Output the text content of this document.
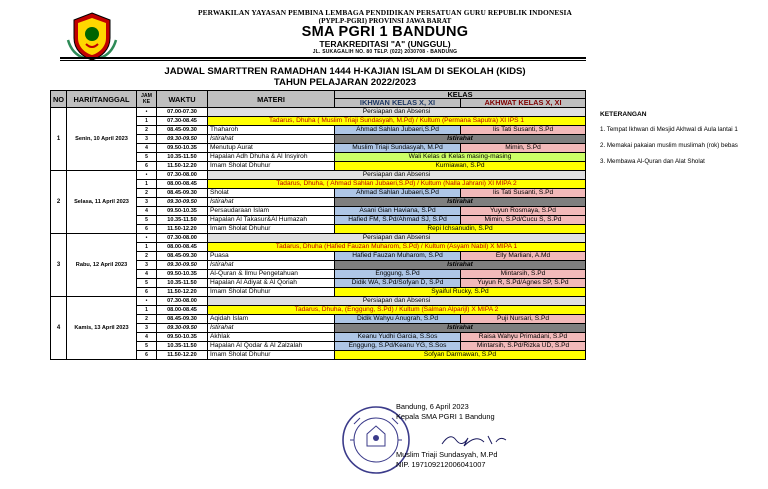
PERWAKILAN YAYASAN PEMBINA LEMBAGA PENDIDIKAN PERSATUAN GURU REPUBLIK INDONESIA
(PYPLP-PGRI) PROVINSI JAWA BARAT
SMA PGRI 1 BANDUNG
TERAKREDITASI "A" (UNGGUL)
JL. SUKAGALIH NO. 80 TELP. (022) 2030708 - BANDUNG
JADWAL SMARTTREN RAMADHAN 1444 H-KAJIAN ISLAM DI SEKOLAH (KIDS)
TAHUN PELAJARAN 2022/2023
NO	HARI/TANGGAL	JAM KE	WAKTU	MATERI	KELAS	
					IKHWAN KELAS X, XI	AKHWAT KELAS X, XI
1	Senin, 10 April 2023	•	07.00-07.30	Persiapan dan Absensi		
		1	07.30-08.45	Tadarus, Dhuha ( Muslim Triaji Sundasyah, M.Pd) / Kultum (Permana Saputra) XI IPS 1		
		2	08.45-09.30	Thaharoh	Ahmad Sahlan Jubaeri,S.Pd	Iis Tati Susanti, S.Pd
		3	09.30-09.50	Istirahat	Istirahat	
		4	09.50-10.35	Menutup Aurat	Muslim Triaji Sundasyah, M.Pd	Mimin, S.Pd
		5	10.35-11.50	Hapalan Adh Dhuha & Al Insyiroh	Wali Kelas di Kelas masing-masing	
		6	11.50-12.20	Imam Sholat Dhuhur	Kurniawan, S.Pd	
2	Selasa, 11 April 2023	•	07.30-08.00	Persiapan dan Absensi		
		1	08.00-08.45	Tadarus, Dhuha, ( Ahmad Sahlan Jubaeri,S.Pd) / Kultum (Nalla Jahrani) XI MIPA 2		
		2	08.45-09.30	Sholat	Ahmad Sahlan Jubaeri,S.Pd	Iis Tati Susanti, S.Pd
		3	09.30-09.50	Istirahat	Istirahat	
		4	09.50-10.35	Persaudaraan Islam	Asani Gian Haviana, S.Pd	Yuyun Rosmaya, S.Pd
		5	10.35-11.50	Hapalan Al Takasur&Al Humazah	Hafied FM, S.Pd/Ahmad SJ, S.Pd	Mimin, S.Pd/Cucu S, S.Pd
		6	11.50-12.20	Imam Sholat Dhuhur	Repi Ichsanudin, S.Pd	
3	Rabu, 12 April 2023	•	07.30-08.00	Persiapan dan Absensi		
		1	08.00-08.45	Tadarus, Dhuha (Hafied Fauzan Muharom, S.Pd) / Kultum (Asyam Nabil) X MIPA 1		
		2	08.45-09.30	Puasa	Hafied Fauzan Muharom, S.Pd	Elly Marliani, A.Md
		3	09.30-09.50	Istirahat	Istirahat	
		4	09.50-10.35	Al-Quran & Ilmu Pengetahuan	Enggung, S.Pd	Mintarsih, S.Pd
		5	10.35-11.50	Hapalan Al Adiyat & Al Qoriah	Didik WA, S.Pd/Sofyan D, S.Pd	Yuyun R, S.Pd/Agnes SP, S.Pd
		6	11.50-12.20	Imam Sholat Dhuhur	Syaiful Rucky, S.Pd	
4	Kamis, 13 April 2023	•	07.30-08.00	Persiapan dan Absensi		
		1	08.00-08.45	Tadarus, Dhuha, (Enggung, S.Pd) / Kultum (Salman Alparijl) X MIPA 2		
		2	08.45-09.30	Aqidah Islam	Didik Wahyu Anugrah, S.Pd	Puji Nursari, S.Pd
		3	09.30-09.50	Istirahat	Istirahat	
		4	09.50-10.35	Akhlak	Keanu Yudhi Garcia, S.Sos	Raisa Wahyu Primadani, S.Pd
		5	10.35-11.50	Hapalan Al Qodar & Al Zalzalah	Enggung, S.Pd/Keanu YG, S.Sos	Mintarsih, S.Pd/Rizka UD, S.Pd
		6	11.50-12.20	Imam Sholat Dhuhur	Sofyan Darmawan, S.Pd	
KETERANGAN
1. Tempat Ikhwan di Mesjid Akhwal di Aula lantai 1
2. Memakai pakaian muslim muslimah (rok) bebas
3. Membawa Al-Quran dan Alat Sholat
Bandung, 6 April 2023
Kepala SMA PGRI 1 Bandung
Muslim Triaji Sundasyah, M.Pd
NIP. 197109212006041007
